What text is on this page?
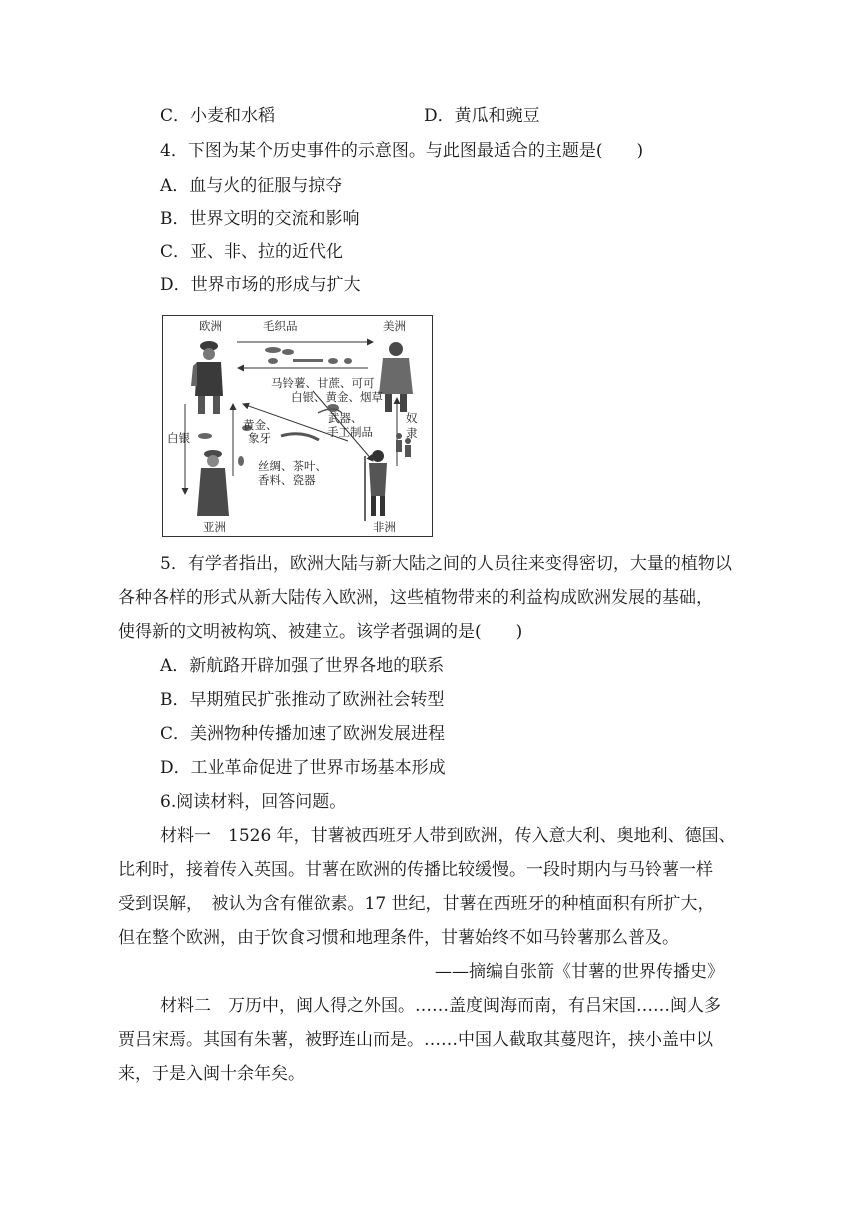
C．小麦和水稻	D．黄瓜和豌豆
4．下图为某个历史事件的示意图。与此图最适合的主题是(　　)
A．血与火的征服与掠夺
B．世界文明的交流和影响
C．亚、非、拉的近代化
D．世界市场的形成与扩大
欧洲	美洲
毛织品
马铃薯、甘蔗、可可
白银、黄金、烟草
黄金、
象牙
武器、
手工制品
丝绸、茶叶、
香料、瓷器
白银
奴隶
亚洲	非洲
5．有学者指出，欧洲大陆与新大陆之间的人员往来变得密切，大量的植物以
各种各样的形式从新大陆传入欧洲，这些植物带来的利益构成欧洲发展的基础，
使得新的文明被构筑、被建立。该学者强调的是(　　)
A．新航路开辟加强了世界各地的联系
B．早期殖民扩张推动了欧洲社会转型
C．美洲物种传播加速了欧洲发展进程
D．工业革命促进了世界市场基本形成
6.阅读材料，回答问题。
材料一　1526 年，甘薯被西班牙人带到欧洲，传入意大利、奥地利、德国、
比利时，接着传入英国。甘薯在欧洲的传播比较缓慢。一段时期内与马铃薯一样
受到误解，　被认为含有催欲素。17 世纪，甘薯在西班牙的种植面积有所扩大，
但在整个欧洲，由于饮食习惯和地理条件，甘薯始终不如马铃薯那么普及。
——摘编自张箭《甘薯的世界传播史》
材料二　万历中，闽人得之外国。……盖度闽海而南，有吕宋国……闽人多
贾吕宋焉。其国有朱薯，被野连山而是。……中国人截取其蔓咫许，挟小盖中以
来，于是入闽十余年矣。
